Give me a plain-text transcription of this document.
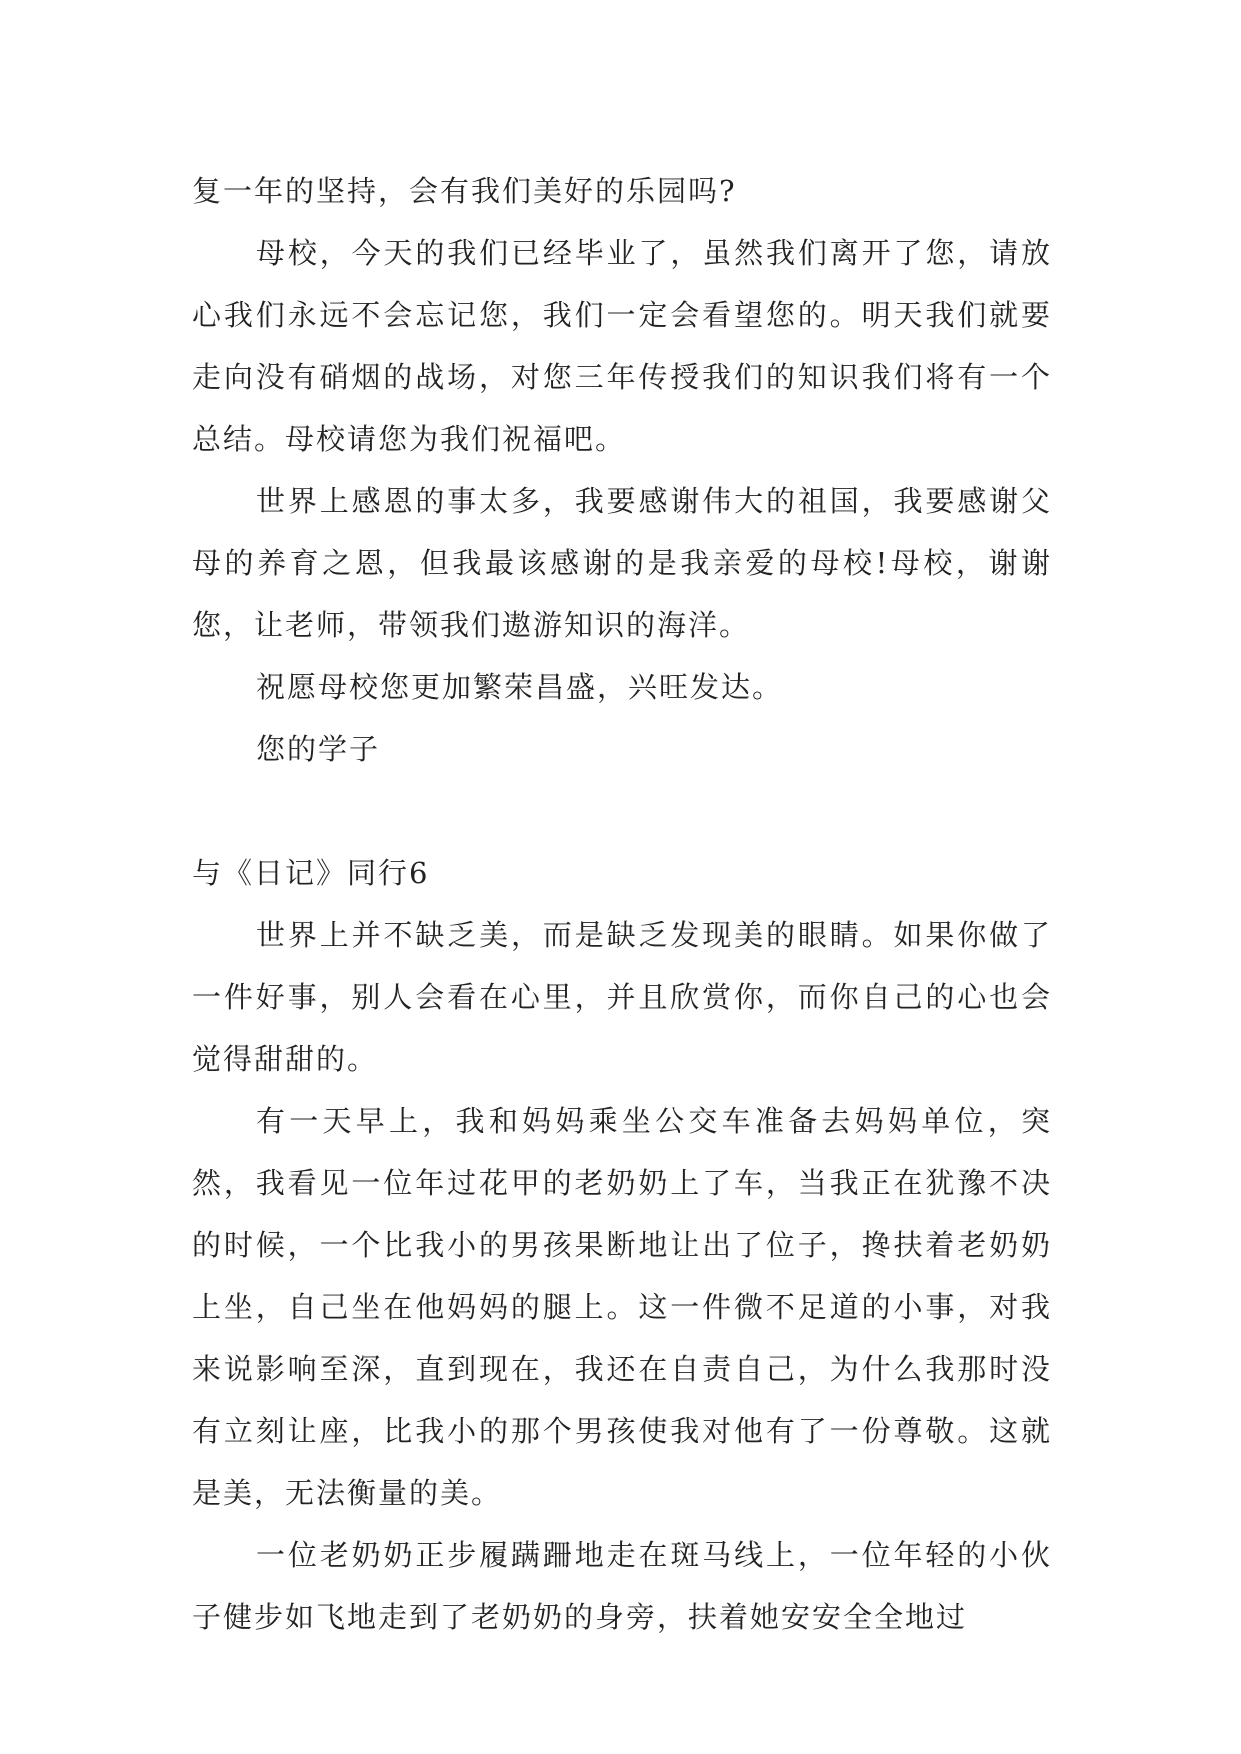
复一年的坚持，会有我们美好的乐园吗?

母校，今天的我们已经毕业了，虽然我们离开了您，请放心我们永远不会忘记您，我们一定会看望您的。明天我们就要走向没有硝烟的战场，对您三年传授我们的知识我们将有一个总结。母校请您为我们祝福吧。

世界上感恩的事太多，我要感谢伟大的祖国，我要感谢父母的养育之恩，但我最该感谢的是我亲爱的母校!母校，谢谢您，让老师，带领我们遨游知识的海洋。

祝愿母校您更加繁荣昌盛，兴旺发达。

您的学子

与《日记》同行6

世界上并不缺乏美，而是缺乏发现美的眼睛。如果你做了一件好事，别人会看在心里，并且欣赏你，而你自己的心也会觉得甜甜的。

有一天早上，我和妈妈乘坐公交车准备去妈妈单位，突然，我看见一位年过花甲的老奶奶上了车，当我正在犹豫不决的时候，一个比我小的男孩果断地让出了位子，搀扶着老奶奶上坐，自己坐在他妈妈的腿上。这一件微不足道的小事，对我来说影响至深，直到现在，我还在自责自己，为什么我那时没有立刻让座，比我小的那个男孩使我对他有了一份尊敬。这就是美，无法衡量的美。

一位老奶奶正步履蹒跚地走在斑马线上，一位年轻的小伙子健步如飞地走到了老奶奶的身旁，扶着她安安全全地过
